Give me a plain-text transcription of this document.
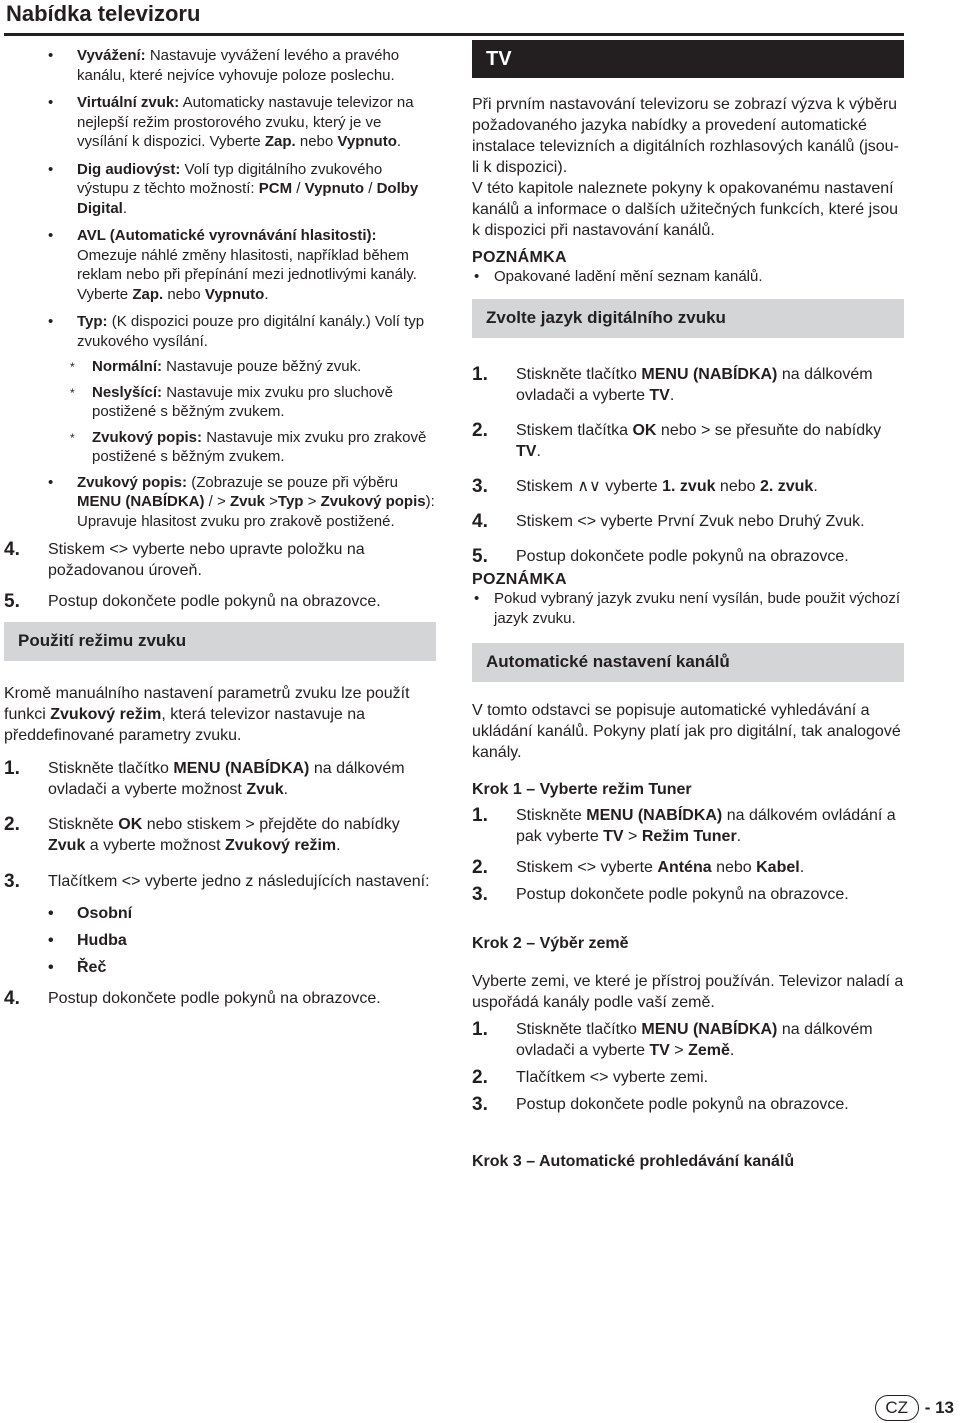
Nabídka televizoru
• Vyvážení: Nastavuje vyvážení levého a pravého kanálu, které nejvíce vyhovuje poloze poslechu.
• Virtuální zvuk: Automaticky nastavuje televizor na nejlepší režim prostorového zvuku, který je ve vysílání k dispozici. Vyberte Zap. nebo Vypnuto.
• Dig audiovýst: Volí typ digitálního zvukového výstupu z těchto možností: PCM / Vypnuto / Dolby Digital.
• AVL (Automatické vyrovnávání hlasitosti): Omezuje náhlé změny hlasitosti, například během reklam nebo při přepínání mezi jednotlivými kanály. Vyberte Zap. nebo Vypnuto.
• Typ: (K dispozici pouze pro digitální kanály.) Volí typ zvukového vysílání.
* Normální: Nastavuje pouze běžný zvuk.
* Neslyšící: Nastavuje mix zvuku pro sluchově postižené s běžným zvukem.
* Zvukový popis: Nastavuje mix zvuku pro zrakově postižené s běžným zvukem.
• Zvukový popis: (Zobrazuje se pouze při výběru MENU (NABÍDKA) / > Zvuk >Typ > Zvukový popis): Upravuje hlasitost zvuku pro zrakově postižené.
4. Stiskem <> vyberte nebo upravte položku na požadovanou úroveň.
5. Postup dokončete podle pokynů na obrazovce.
Použití režimu zvuku

Kromě manuálního nastavení parametrů zvuku lze použít funkci Zvukový režim, která televizor nastavuje na předdefinované parametry zvuku.

1. Stiskněte tlačítko MENU (NABÍDKA) na dálkovém ovladači a vyberte možnost Zvuk.
2. Stiskněte OK nebo stiskem > přejděte do nabídky Zvuk a vyberte možnost Zvukový režim.
3. Tlačítkem <> vyberte jedno z následujících nastavení:
• Osobní
• Hudba
• Řeč
4. Postup dokončete podle pokynů na obrazovce.
TV

Při prvním nastavování televizoru se zobrazí výzva k výběru požadovaného jazyka nabídky a provedení automatické instalace televizních a digitálních rozhlasových kanálů (jsou-li k dispozici).

V této kapitole naleznete pokyny k opakovanému nastavení kanálů a informace o dalších užitečných funkcích, které jsou k dispozici při nastavování kanálů.

POZNÁMKA

• Opakované ladění mění seznam kanálů.
Zvolte jazyk digitálního zvuku
1. Stiskněte tlačítko MENU (NABÍDKA) na dálkovém ovladači a vyberte TV.
2. Stiskem tlačítka OK nebo > se přesuňte do nabídky TV.
3. Stiskem ∧∨ vyberte 1. zvuk nebo 2. zvuk.
4. Stiskem <> vyberte První Zvuk nebo Druhý Zvuk.
5. Postup dokončete podle pokynů na obrazovce.

POZNÁMKA

• Pokud vybraný jazyk zvuku není vysílán, bude použit výchozí jazyk zvuku.
Automatické nastavení kanálů

V tomto odstavci se popisuje automatické vyhledávání a ukládání kanálů. Pokyny platí jak pro digitální, tak analogové kanály.

Krok 1 – Vyberte režim Tuner

1. Stiskněte MENU (NABÍDKA) na dálkovém ovládání a pak vyberte TV > Režim Tuner.
2. Stiskem <> vyberte Anténa nebo Kabel.
3. Postup dokončete podle pokynů na obrazovce.

Krok 2 – Výběr země

Vyberte zemi, ve které je přístroj používán. Televizor naladí a uspořádá kanály podle vaší země.

1. Stiskněte tlačítko MENU (NABÍDKA) na dálkovém ovladači a vyberte TV > Země.
2. Tlačítkem <> vyberte zemi.
3. Postup dokončete podle pokynů na obrazovce.

Krok 3 – Automatické prohledávání kanálů

CZ - 13
